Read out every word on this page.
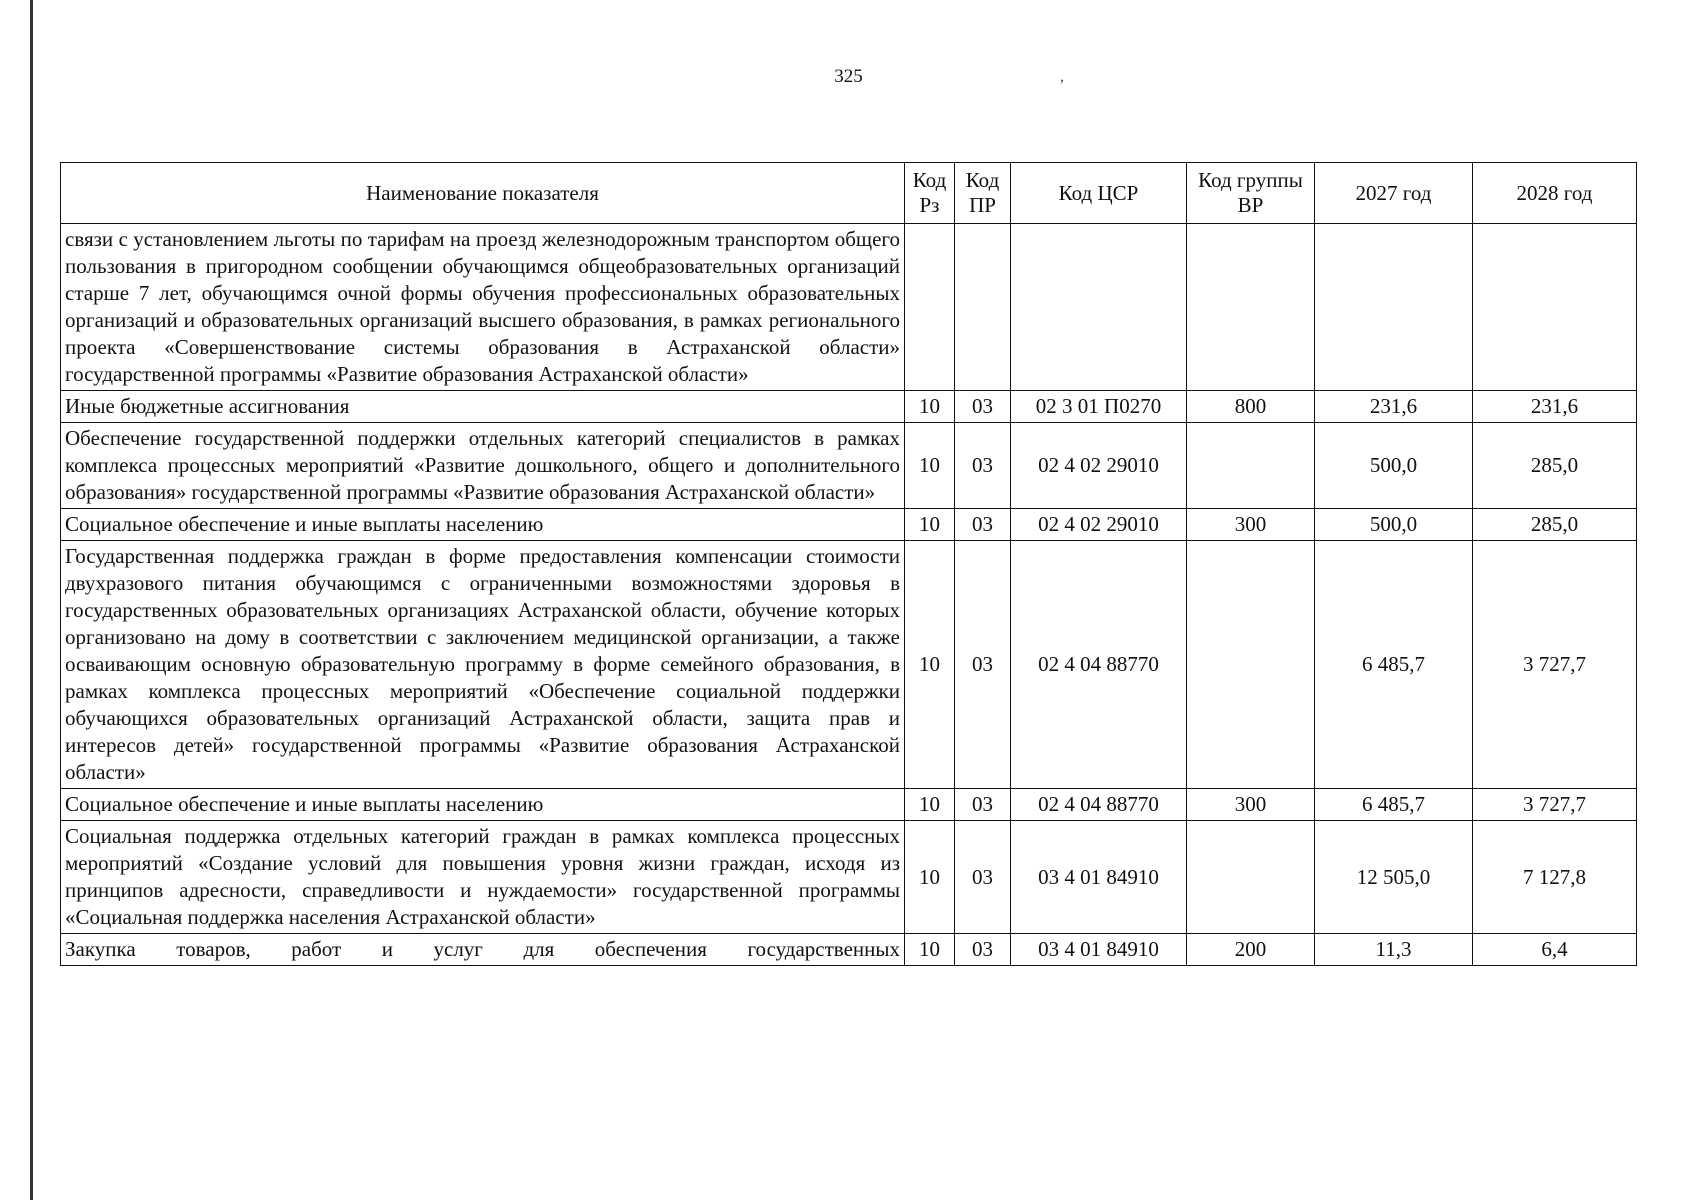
325	,
Наименование показателя	Код Рз	Код ПР	Код ЦСР	Код группы ВР	2027 год	2028 год
связи с установлением льготы по тарифам на проезд железнодорожным транспортом общего пользования в пригородном сообщении обучающимся общеобразовательных организаций старше 7 лет, обучающимся очной формы обучения профессиональных образовательных организаций и образовательных организаций высшего образования, в рамках регионального проекта «Совершенствование системы образования в Астраханской области» государственной программы «Развитие образования Астраханской области»						
Иные бюджетные ассигнования	10	03	02 3 01 П0270	800	231,6	231,6
Обеспечение государственной поддержки отдельных категорий специалистов в рамках комплекса процессных мероприятий «Развитие дошкольного, общего и дополнительного образования» государственной программы «Развитие образования Астраханской области»	10	03	02 4 02 29010		500,0	285,0
Социальное обеспечение и иные выплаты населению	10	03	02 4 02 29010	300	500,0	285,0
Государственная поддержка граждан в форме предоставления компенсации стоимости двухразового питания обучающимся с ограниченными возможностями здоровья в государственных образовательных организациях Астраханской области, обучение которых организовано на дому в соответствии с заключением медицинской организации, а также осваивающим основную образовательную программу в форме семейного образования, в рамках комплекса процессных мероприятий «Обеспечение социальной поддержки обучающихся образовательных организаций Астраханской области, защита прав и интересов детей» государственной программы «Развитие образования Астраханской области»	10	03	02 4 04 88770		6 485,7	3 727,7
Социальное обеспечение и иные выплаты населению	10	03	02 4 04 88770	300	6 485,7	3 727,7
Социальная поддержка отдельных категорий граждан в рамках комплекса процессных мероприятий «Создание условий для повышения уровня жизни граждан, исходя из принципов адресности, справедливости и нуждаемости» государственной программы «Социальная поддержка населения Астраханской области»	10	03	03 4 01 84910		12 505,0	7 127,8
Закупка товаров, работ и услуг для обеспечения государственных	10	03	03 4 01 84910	200	11,3	6,4
